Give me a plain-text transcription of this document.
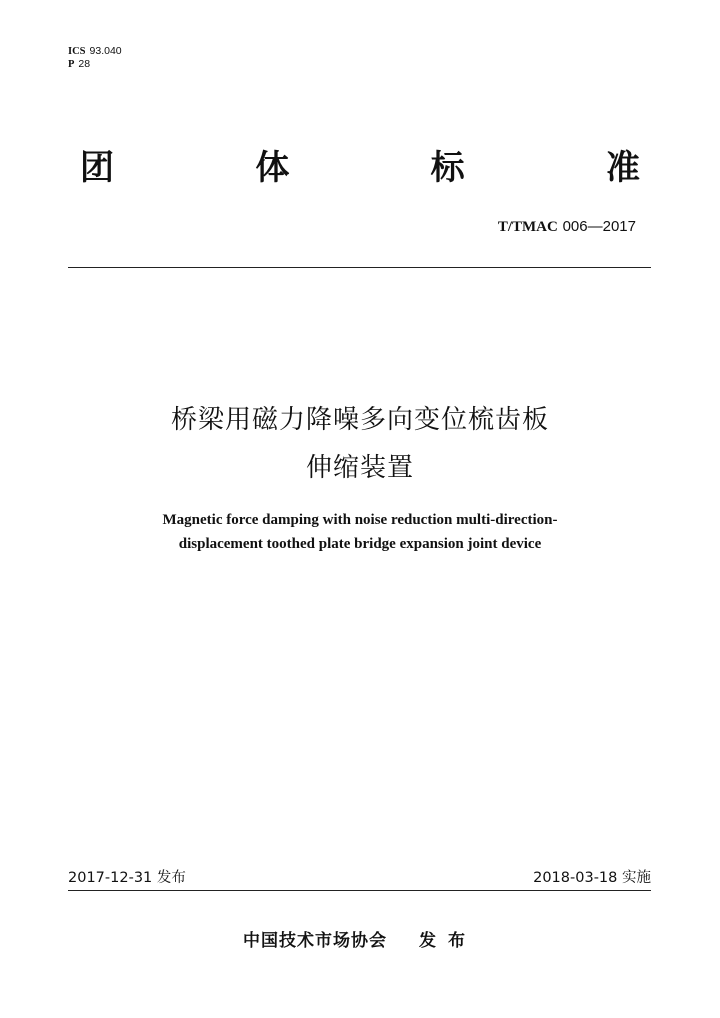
ICS 93.040
P 28
团	体	标	准
T/TMAC 006—2017
桥梁用磁力降噪多向变位梳齿板
伸缩装置
Magnetic force damping with noise reduction multi-direction-
displacement toothed plate bridge expansion joint device
2017-12-31 发布	2018-03-18 实施
中国技术市场协会 发布
